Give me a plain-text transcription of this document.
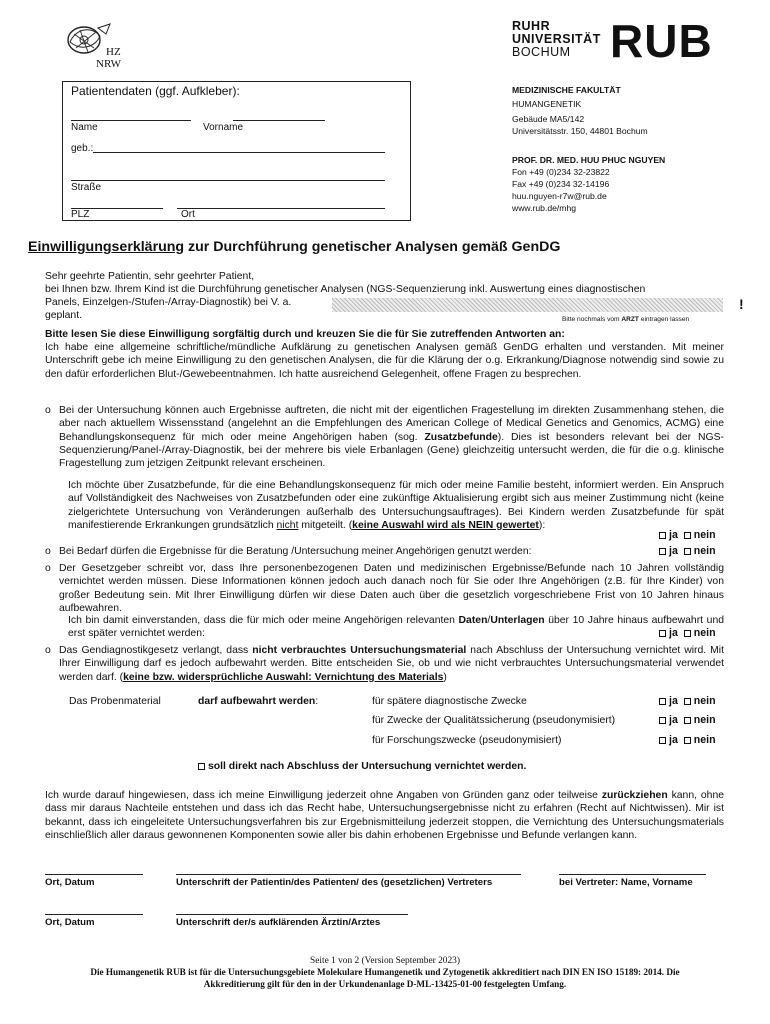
HZ
NRW
RUHR
UNIVERSITÄT
BOCHUM RUB
Patientendaten (ggf. Aufkleber):
Name	Vorname
geb.:
Straße
PLZ	Ort
MEDIZINISCHE FAKULTÄT
HUMANGENETIK
Gebäude MA5/142
Universitätsstr. 150, 44801 Bochum
PROF. DR. MED. HUU PHUC NGUYEN
Fon +49 (0)234 32-23822
Fax +49 (0)234 32-14196
huu.nguyen-r7w@rub.de
www.rub.de/mhg
Einwilligungserklärung zur Durchführung genetischer Analysen gemäß GenDG
Sehr geehrte Patientin, sehr geehrter Patient,
bei Ihnen bzw. Ihrem Kind ist die Durchführung genetischer Analysen (NGS-Sequenzierung inkl. Auswertung eines diagnostischen
Panels, Einzelgen-/Stufen-/Array-Diagnostik) bei V. a.
geplant.	Bitte nochmals vom ARZT eintragen lassen
!
Bitte lesen Sie diese Einwilligung sorgfältig durch und kreuzen Sie die für Sie zutreffenden Antworten an:
Ich habe eine allgemeine schriftliche/mündliche Aufklärung zu genetischen Analysen gemäß GenDG erhalten und verstanden. Mit meiner Unterschrift gebe ich meine Einwilligung zu den genetischen Analysen, die für die Klärung der o.g. Erkrankung/Diagnose notwendig sind sowie zu den dafür erforderlichen Blut-/Gewebeentnahmen. Ich hatte ausreichend Gelegenheit, offene Fragen zu besprechen.
o Bei der Untersuchung können auch Ergebnisse auftreten, die nicht mit der eigentlichen Fragestellung im direkten Zusammenhang stehen, die aber nach aktuellem Wissensstand (angelehnt an die Empfehlungen des American College of Medical Genetics and Genomics, ACMG) eine Behandlungskonsequenz für mich oder meine Angehörigen haben (sog. Zusatzbefunde). Dies ist besonders relevant bei der NGS-Sequenzierung/Panel-/Array-Diagnostik, bei der mehrere bis viele Erbanlagen (Gene) gleichzeitig untersucht werden, die für die o.g. klinische Fragestellung zum jetzigen Zeitpunkt relevant erscheinen.
Ich möchte über Zusatzbefunde, für die eine Behandlungskonsequenz für mich oder meine Familie besteht, informiert werden. Ein Anspruch auf Vollständigkeit des Nachweises von Zusatzbefunden oder eine zukünftige Aktualisierung ergibt sich aus meiner Zustimmung nicht (keine zielgerichtete Untersuchung von Veränderungen außerhalb des Untersuchungsauftrages). Bei Kindern werden Zusatzbefunde für spät manifestierende Erkrankungen grundsätzlich nicht mitgeteilt. (keine Auswahl wird als NEIN gewertet):
ja nein
o Bei Bedarf dürfen die Ergebnisse für die Beratung /Untersuchung meiner Angehörigen genutzt werden:	ja nein
o Der Gesetzgeber schreibt vor, dass Ihre personenbezogenen Daten und medizinischen Ergebnisse/Befunde nach 10 Jahren vollständig vernichtet werden müssen. Diese Informationen können jedoch auch danach noch für Sie oder Ihre Angehörigen (z.B. für Ihre Kinder) von großer Bedeutung sein. Mit Ihrer Einwilligung dürfen wir diese Daten auch über die gesetzlich vorgeschriebene Frist von 10 Jahren hinaus aufbewahren.
Ich bin damit einverstanden, dass die für mich oder meine Angehörigen relevanten Daten/Unterlagen über 10 Jahre hinaus aufbewahrt und erst später vernichtet werden:	ja nein
o Das Gendiagnostikgesetz verlangt, dass nicht verbrauchtes Untersuchungsmaterial nach Abschluss der Untersuchung vernichtet wird. Mit Ihrer Einwilligung darf es jedoch aufbewahrt werden. Bitte entscheiden Sie, ob und wie nicht verbrauchtes Untersuchungsmaterial verwendet werden darf. (keine bzw. widersprüchliche Auswahl: Vernichtung des Materials)
Das Probenmaterial	darf aufbewahrt werden:	für spätere diagnostische Zwecke	ja nein
für Zwecke der Qualitätssicherung (pseudonymisiert)	ja nein
für Forschungszwecke (pseudonymisiert)	ja nein
soll direkt nach Abschluss der Untersuchung vernichtet werden.
Ich wurde darauf hingewiesen, dass ich meine Einwilligung jederzeit ohne Angaben von Gründen ganz oder teilweise zurückziehen kann, ohne dass mir daraus Nachteile entstehen und dass ich das Recht habe, Untersuchungsergebnisse nicht zu erfahren (Recht auf Nichtwissen). Mir ist bekannt, dass ich eingeleitete Untersuchungsverfahren bis zur Ergebnismitteilung jederzeit stoppen, die Vernichtung des Untersuchungsmaterials einschließlich aller daraus gewonnenen Komponenten sowie aller bis dahin erhobenen Ergebnisse und Befunde verlangen kann.
Ort, Datum	Unterschrift der Patientin/des Patienten/ des (gesetzlichen) Vertreters	bei Vertreter: Name, Vorname
Ort, Datum	Unterschrift der/s aufklärenden Ärztin/Arztes
Seite 1 von 2 (Version September 2023)
Die Humangenetik RUB ist für die Untersuchungsgebiete Molekulare Humangenetik und Zytogenetik akkreditiert nach DIN EN ISO 15189: 2014. Die
Akkreditierung gilt für den in der Urkundenanlage D-ML-13425-01-00 festgelegten Umfang.
